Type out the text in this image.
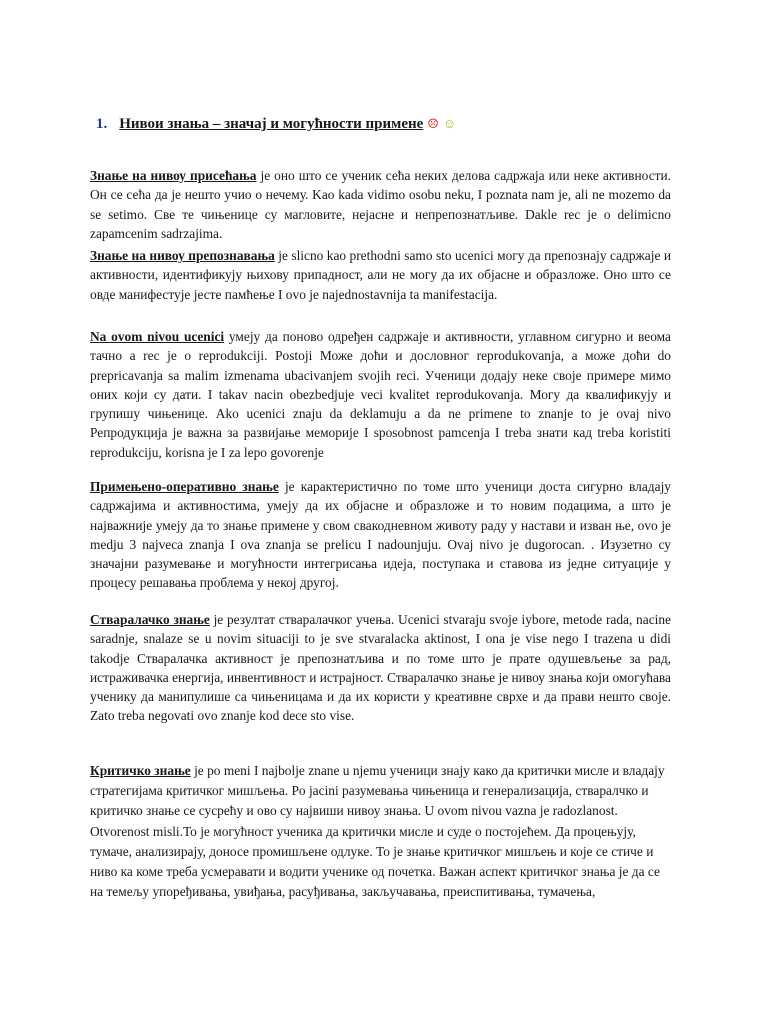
1. Нивои знања – значај и могућности примене ☹ ☺

Знање на нивоу присећања је оно што се ученик сећа неких делова садржаја или неке активности. Он се сећа да је нешто учио о нечему. Kao kada vidimo osobu neku, I poznata nam je, ali ne mozemo da se setimo. Све те чињенице су магловите, нејасне и непрепознатљиве. Dakle rec je o delimicno zapamcenim sadrzajima.

Знање на нивоу препознавања je slicno kao prethodni samo sto ucenici могу да препознају садржаје и активности, идентификују њихову припадност, али не могу да их објасне и образложе. Оно што се овде манифестује јесте памћење I ovo je najednostavnija ta manifestacija.

Na ovom nivou ucenici умеју да поново одређен садржаје и активности, углавном сигурно и веома тачно а rec je o reprodukciji. Postoji Може доћи и дословног reprodukovanja, а може доћи do prepricavanja sa malim izmenama ubacivanjem svojih reci. Ученици додају неке своје примере мимо оних који су дати. I takav nacin obezbedjuje veci kvalitet reprodukovanja. Могу да квалификују и групишу чињенице. Ako ucenici znaju da deklamuju a da ne primene to znanje to je ovaj nivo Репродукција је важна за развијање меморије I sposobnost pamcenja I treba знати кад treba koristiti reprodukciju, korisna je I za lepo govorenje

Примењено-оперативно знање је карактеристично по томе што ученици доста сигурно владају садржајима и активностима, умеју да их објасне и образложе и то новим подацима, а што је најважније умеју да то знање примене у свом свакодневном животу раду у настави и изван ње, ovo je medju 3 najveca znanja I ova znanja se prelicu I nadounjuju. Ovaj nivo je dugorocan. . Изузетно су значајни разумевање и могућности интегрисања идеја, поступака и ставова из једне ситуације у процесу решавања проблема у некој другој.

Стваралачко знање је резултат стваралачког учења. Ucenici stvaraju svoje iybore, metode rada, nacine saradnje, snalaze se u novim situaciji to je sve stvaralacka aktinost, I ona je vise nego I trazena u didi takodje Стваралачка активност је препознатљива и по томе што је прате одушевљење за рад, истраживачка енергија, инвентивност и истрајност. Стваралачко знање је нивоу знања који омогућава ученику да манипулише са чињеницама и да их користи у креативне сврхе и да прави нешто своје. Zato treba negovati ovo znanje kod dece sto vise.

Критичко знање je po meni I najbolje znane u njemu ученици знају како да критички мисле и владају стратегијама критичког мишљења. Po jacini разумевања чињеница и генерализација, стваралчко и критичко знање се сусрећу и ово су највиши нивоу знања. U ovom nivou vazna je radozlanost. Otvorenost misli.То је могућност ученика да критички мисле и суде о постојећем. Да процењују, тумаче, анализирају, доносе промишљене одлуке. То је знање критичког мишљењ и које се стиче и ниво ка коме треба усмеравати и водити ученике од почетка. Важан аспект критичког знања је да се на темељу упоређивања, увиђања, расуђивања, закључавања, преиспитивања, тумачења,
